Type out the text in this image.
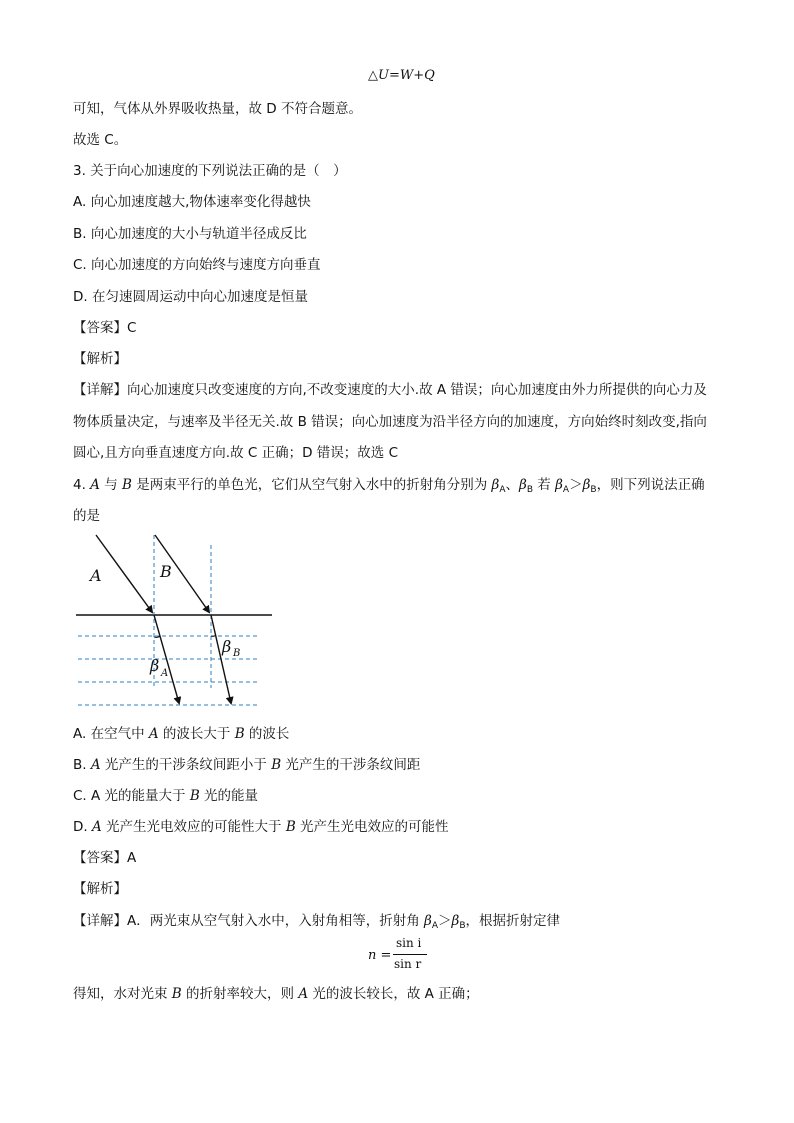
△U=W+Q
可知，气体从外界吸收热量，故 D 不符合题意。
故选 C。
3. 关于向心加速度的下列说法正确的是（　）
A. 向心加速度越大,物体速率变化得越快
B. 向心加速度的大小与轨道半径成反比
C. 向心加速度的方向始终与速度方向垂直
D. 在匀速圆周运动中向心加速度是恒量
【答案】C
【解析】
【详解】向心加速度只改变速度的方向,不改变速度的大小.故 A 错误；向心加速度由外力所提供的向心力及
物体质量决定，与速率及半径无关.故 B 错误；向心加速度为沿半径方向的加速度，方向始终时刻改变,指向
圆心,且方向垂直速度方向.故 C 正确；D 错误；故选 C
4. A 与 B 是两束平行的单色光，它们从空气射入水中的折射角分别为 $\beta_A$、$\beta_B$ 若 $\beta_A>\beta_B$，则下列说法正确
的是
A	B
β A
β B
A. 在空气中 A 的波长大于 B 的波长
B. A 光产生的干涉条纹间距小于 B 光产生的干涉条纹间距
C. A 光的能量大于 B 光的能量
D. A 光产生光电效应的可能性大于 B 光产生光电效应的可能性
【答案】A
【解析】
【详解】A．两光束从空气射入水中，入射角相等，折射角 $\beta_A>\beta_B$，根据折射定律
n =
sin i
sin r
得知，水对光束 B 的折射率较大，则 A 光的波长较长，故 A 正确；
